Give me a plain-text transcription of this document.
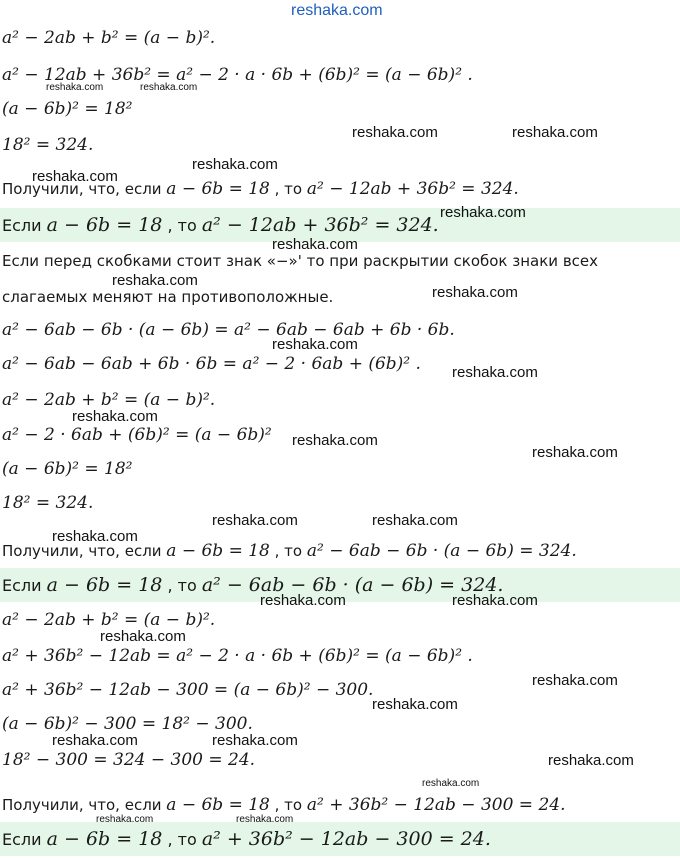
reshaka.com
a² − 2ab + b² = (a − b)².
a² − 12ab + 36b² = a² − 2 · a · 6b + (6b)² = (a − 6b)² .
(a − 6b)² = 18²
18² = 324.
Получили, что, если a − 6b = 18 , то a² − 12ab + 36b² = 324.
Если a − 6b = 18 , то a² − 12ab + 36b² = 324.
Если перед скобками стоит знак «−»' то при раскрытии скобок знаки всех
слагаемых меняют на противоположные.
a² − 6ab − 6b · (a − 6b) = a² − 6ab − 6ab + 6b · 6b.
a² − 6ab − 6ab + 6b · 6b = a² − 2 · 6ab + (6b)² .
a² − 2ab + b² = (a − b)².
a² − 2 · 6ab + (6b)² = (a − 6b)²
(a − 6b)² = 18²
18² = 324.
Получили, что, если a − 6b = 18 , то a² − 6ab − 6b · (a − 6b) = 324.
Если a − 6b = 18 , то a² − 6ab − 6b · (a − 6b) = 324.
a² − 2ab + b² = (a − b)².
a² + 36b² − 12ab = a² − 2 · a · 6b + (6b)² = (a − 6b)² .
a² + 36b² − 12ab − 300 = (a − 6b)² − 300.
(a − 6b)² − 300 = 18² − 300.
18² − 300 = 324 − 300 = 24.
Получили, что, если a − 6b = 18 , то a² + 36b² − 12ab − 300 = 24.
Если a − 6b = 18 , то a² + 36b² − 12ab − 300 = 24.
reshaka.com	reshaka.com
reshaka.com	reshaka.com
reshaka.com
reshaka.com
reshaka.com
reshaka.com
reshaka.com
reshaka.com
reshaka.com
reshaka.com
reshaka.com
reshaka.com
reshaka.com
reshaka.com	reshaka.com
reshaka.com
reshaka.com	reshaka.com
reshaka.com
reshaka.com
reshaka.com
reshaka.com	reshaka.com
reshaka.com
reshaka.com
reshaka.com	reshaka.com
